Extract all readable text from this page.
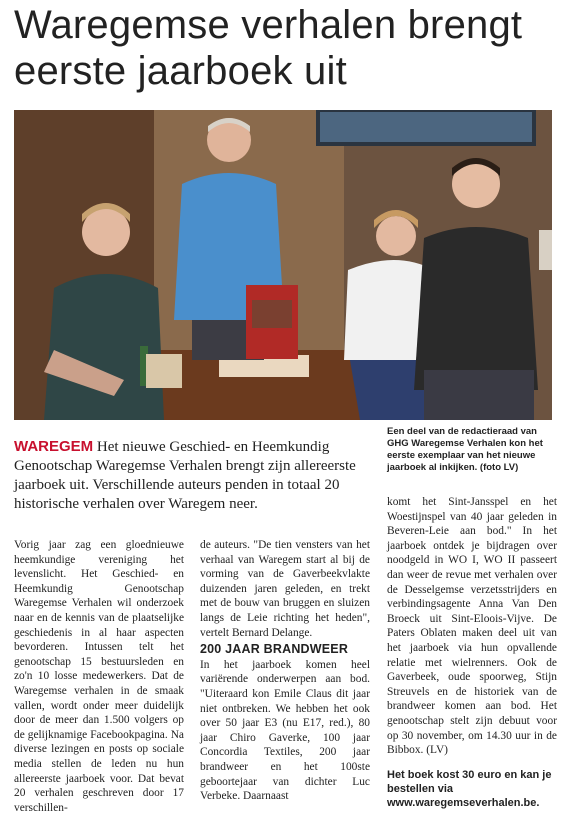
Waregemse verhalen brengt eerste jaarboek uit
WAREGEM Het nieuwe Geschied- en Heemkundig Genootschap Waregemse Verhalen brengt zijn allereerste jaarboek uit. Verschillende auteurs penden in totaal 20 historische verhalen over Waregem neer.
Een deel van de redactieraad van GHG Waregemse Verhalen kon het eerste exemplaar van het nieuwe jaarboek al inkijken. (foto LV)

Vorig jaar zag een gloednieuwe heemkundige vereniging het levenslicht. Het Geschied- en Heemkundig Genootschap Waregemse Verhalen wil onderzoek naar en de kennis van de plaatselijke geschiedenis in al haar aspecten bevorderen. Intussen telt het genootschap 15 bestuursleden en zo'n 10 losse medewerkers. Dat de Waregemse verhalen in de smaak vallen, wordt onder meer duidelijk door de meer dan 1.500 volgers op de gelijknamige Facebookpagina. Na diverse lezingen en posts op sociale media stellen de leden nu hun allereerste jaarboek voor. Dat bevat 20 verhalen geschreven door 17 verschillen-

de auteurs. "De tien vensters van het verhaal van Waregem start al bij de vorming van de Gaverbeekvlakte duizenden jaren geleden, en trekt met de bouw van bruggen en sluizen langs de Leie richting het heden", vertelt Bernard Delange.

200 JAAR BRANDWEER

In het jaarboek komen heel variërende onderwerpen aan bod. "Uiteraard kon Emile Claus dit jaar niet ontbreken. We hebben het ook over 50 jaar E3 (nu E17, red.), 80 jaar Chiro Gaverke, 100 jaar Concordia Textiles, 200 jaar brandweer en het 100ste geboortejaar van dichter Luc Verbeke. Daarnaast

komt het Sint-Jansspel en het Woestijnspel van 40 jaar geleden in Beveren-Leie aan bod." In het jaarboek ontdek je bijdragen over noodgeld in WO I, WO II passeert dan weer de revue met verhalen over de Desselgemse verzetsstrijders en verbindingsagente Anna Van Den Broeck uit Sint-Eloois-Vijve. De Paters Oblaten maken deel uit van het jaarboek via hun opvallende relatie met wielrenners. Ook de Gaverbeek, oude spoorweg, Stijn Streuvels en de historiek van de brandweer komen aan bod. Het genootschap stelt zijn debuut voor op 30 november, om 14.30 uur in de Bibbox. (LV)

Het boek kost 30 euro en kan je bestellen via www.waregemseverhalen.be.
